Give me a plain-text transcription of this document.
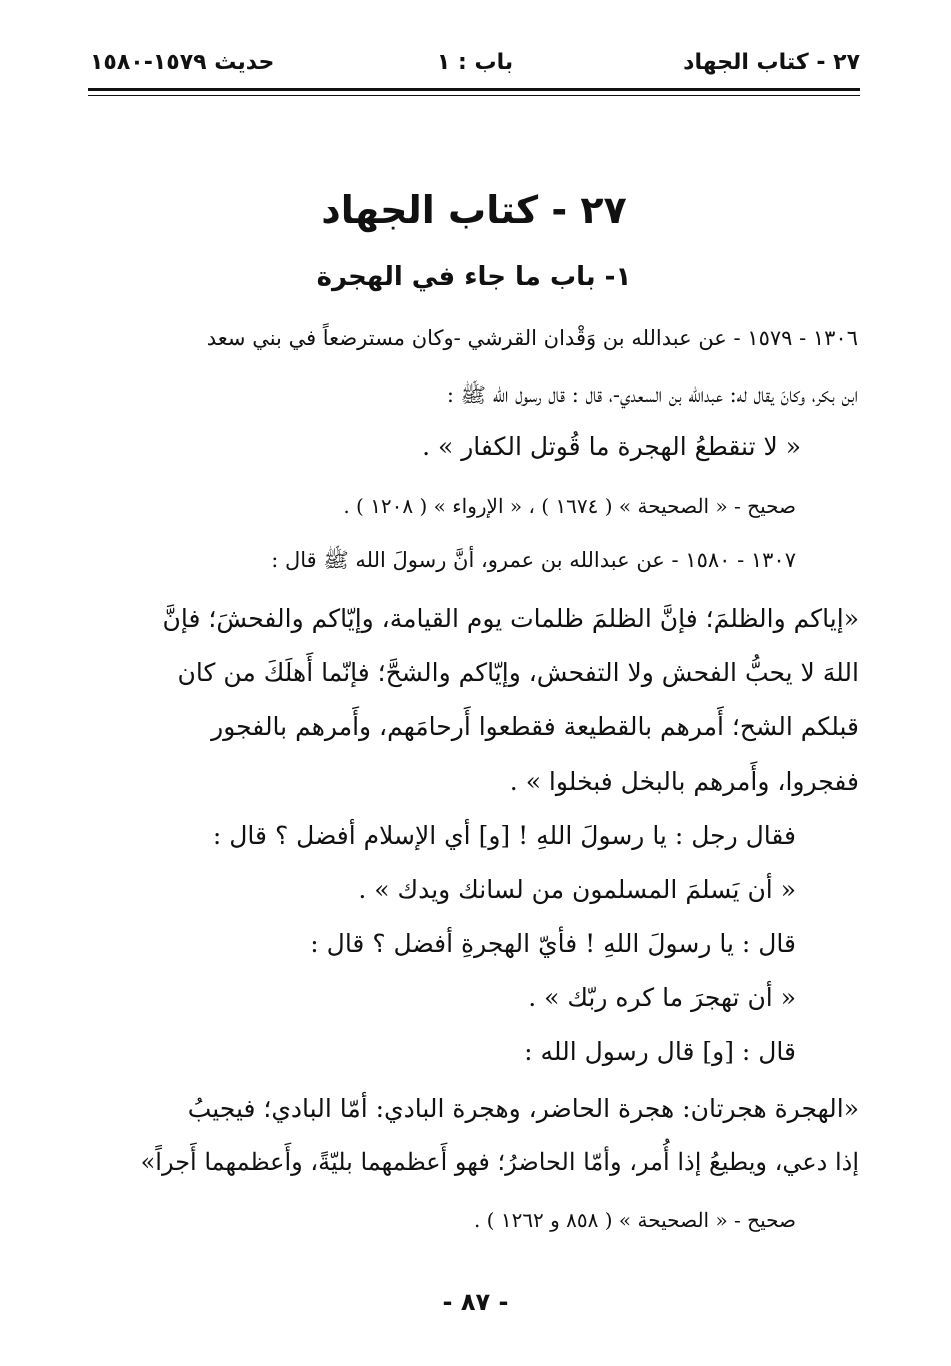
٢٧ - كتاب الجهاد
باب : ١
حديث ١٥٧٩-١٥٨٠
٢٧ - كتاب الجهاد
١- باب ما جاء في الهجرة
١٣٠٦ - ١٥٧٩ - عن عبدالله بن وَقْدان القرشي -وكان مسترضعاً في بني سعد
ابن بكر، وكانَ يقال له: عبدالله بن السعدي-، قال : قال رسول الله ﷺ :
« لا تنقطعُ الهجرة ما قُوتل الكفار » .
صحيح - « الصحيحة » ( ١٦٧٤ ) ، « الإرواء » ( ١٢٠٨ ) .
١٣٠٧ - ١٥٨٠ - عن عبدالله بن عمرو، أنَّ رسولَ الله ﷺ قال :
«إياكم والظلمَ؛ فإنَّ الظلمَ ظلمات يوم القيامة، وإيّاكم والفحشَ؛ فإنَّ
اللهَ لا يحبُّ الفحش ولا التفحش، وإيّاكم والشحَّ؛ فإنّما أَهلَكَ من كان
قبلكم الشح؛ أَمرهم بالقطيعة فقطعوا أَرحامَهم، وأَمرهم بالفجور
ففجروا، وأَمرهم بالبخل فبخلوا » .
فقال رجل : يا رسولَ اللهِ ! [و] أي الإسلام أفضل ؟ قال :
« أن يَسلمَ المسلمون من لسانك ويدك » .
قال : يا رسولَ اللهِ ! فأيّ الهجرةِ أفضل ؟ قال :
« أن تهجرَ ما كره ربّك » .
قال : [و] قال رسول الله :
«الهجرة هجرتان: هجرة الحاضر، وهجرة البادي: أمّا البادي؛ فيجيبُ
إذا دعي، ويطيعُ إذا أُمر، وأمّا الحاضرُ؛ فهو أَعظمهما بليّةً، وأَعظمهما أَجراً»
صحيح - « الصحيحة » ( ٨٥٨ و ١٢٦٢ ) .
- ٨٧ -
